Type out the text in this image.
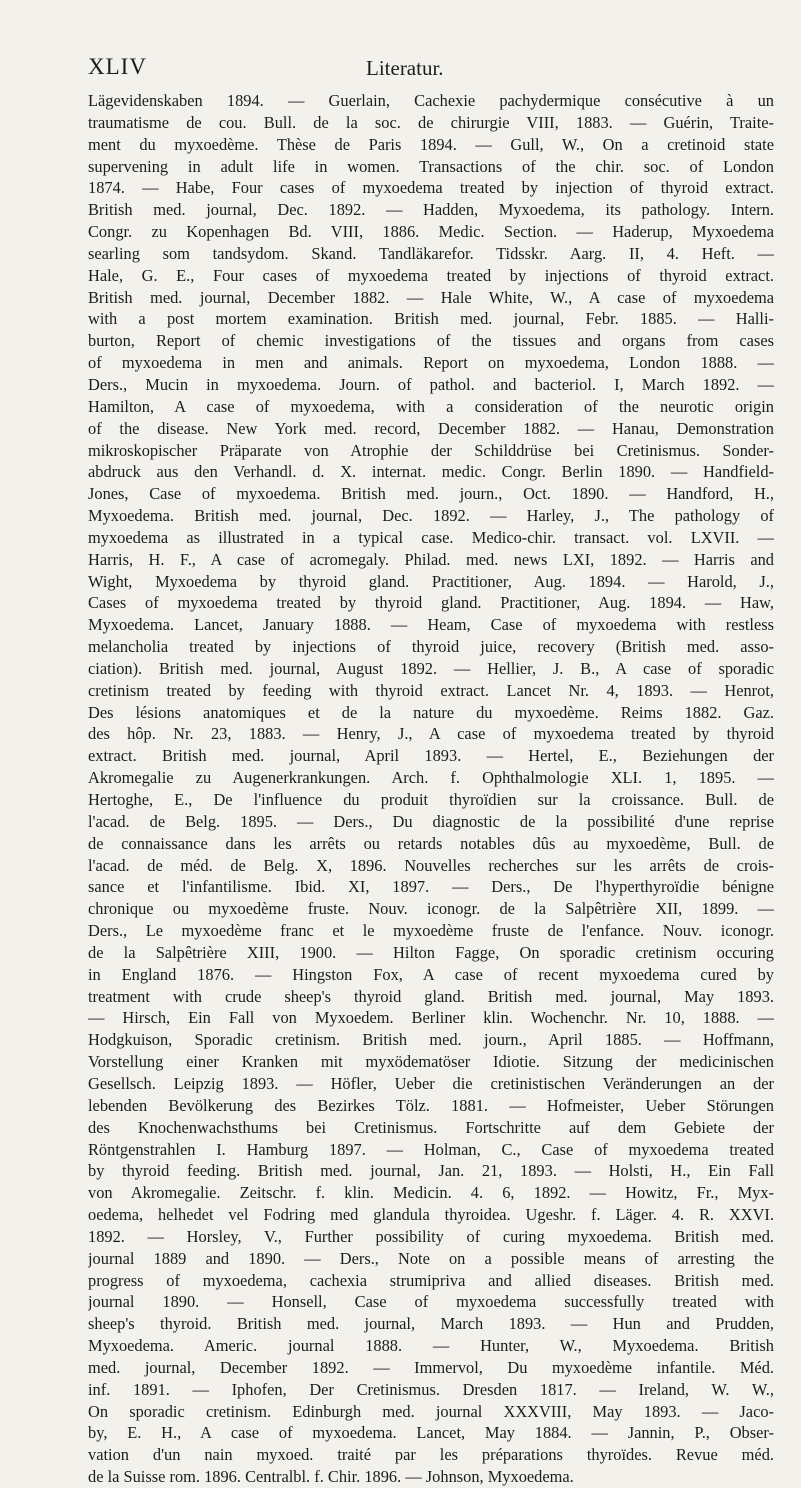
XLIV	Literatur.
Lägevidenskaben 1894. — Guerlain, Cachexie pachydermique consécutive à un
traumatisme de cou. Bull. de la soc. de chirurgie VIII, 1883. — Guérin, Traite-
ment du myxoedème. Thèse de Paris 1894. — Gull, W., On a cretinoid state
supervening in adult life in women. Transactions of the chir. soc. of London
1874. — Habe, Four cases of myxoedema treated by injection of thyroid extract.
British med. journal, Dec. 1892. — Hadden, Myxoedema, its pathology. Intern.
Congr. zu Kopenhagen Bd. VIII, 1886. Medic. Section. — Haderup, Myxoedema
searling som tandsydom. Skand. Tandläkarefor. Tidsskr. Aarg. II, 4. Heft. —
Hale, G. E., Four cases of myxoedema treated by injections of thyroid extract.
British med. journal, December 1882. — Hale White, W., A case of myxoedema
with a post mortem examination. British med. journal, Febr. 1885. — Halli-
burton, Report of chemic investigations of the tissues and organs from cases
of myxoedema in men and animals. Report on myxoedema, London 1888. —
Ders., Mucin in myxoedema. Journ. of pathol. and bacteriol. I, March 1892. —
Hamilton, A case of myxoedema, with a consideration of the neurotic origin
of the disease. New York med. record, December 1882. — Hanau, Demonstration
mikroskopischer Präparate von Atrophie der Schilddrüse bei Cretinismus. Sonder-
abdruck aus den Verhandl. d. X. internat. medic. Congr. Berlin 1890. — Handfield-
Jones, Case of myxoedema. British med. journ., Oct. 1890. — Handford, H.,
Myxoedema. British med. journal, Dec. 1892. — Harley, J., The pathology of
myxoedema as illustrated in a typical case. Medico-chir. transact. vol. LXVII. —
Harris, H. F., A case of acromegaly. Philad. med. news LXI, 1892. — Harris and
Wight, Myxoedema by thyroid gland. Practitioner, Aug. 1894. — Harold, J.,
Cases of myxoedema treated by thyroid gland. Practitioner, Aug. 1894. — Haw,
Myxoedema. Lancet, January 1888. — Heam, Case of myxoedema with restless
melancholia treated by injections of thyroid juice, recovery (British med. asso-
ciation). British med. journal, August 1892. — Hellier, J. B., A case of sporadic
cretinism treated by feeding with thyroid extract. Lancet Nr. 4, 1893. — Henrot,
Des lésions anatomiques et de la nature du myxoedème. Reims 1882. Gaz.
des hôp. Nr. 23, 1883. — Henry, J., A case of myxoedema treated by thyroid
extract. British med. journal, April 1893. — Hertel, E., Beziehungen der
Akromegalie zu Augenerkrankungen. Arch. f. Ophthalmologie XLI. 1, 1895. —
Hertoghe, E., De l'influence du produit thyroïdien sur la croissance. Bull. de
l'acad. de Belg. 1895. — Ders., Du diagnostic de la possibilité d'une reprise
de connaissance dans les arrêts ou retards notables dûs au myxoedème, Bull. de
l'acad. de méd. de Belg. X, 1896. Nouvelles recherches sur les arrêts de crois-
sance et l'infantilisme. Ibid. XI, 1897. — Ders., De l'hyperthyroïdie bénigne
chronique ou myxoedème fruste. Nouv. iconogr. de la Salpêtrière XII, 1899. —
Ders., Le myxoedème franc et le myxoedème fruste de l'enfance. Nouv. iconogr.
de la Salpêtrière XIII, 1900. — Hilton Fagge, On sporadic cretinism occuring
in England 1876. — Hingston Fox, A case of recent myxoedema cured by
treatment with crude sheep's thyroid gland. British med. journal, May 1893.
— Hirsch, Ein Fall von Myxoedem. Berliner klin. Wochenchr. Nr. 10, 1888. —
Hodgkuison, Sporadic cretinism. British med. journ., April 1885. — Hoffmann,
Vorstellung einer Kranken mit myxödematöser Idiotie. Sitzung der medicinischen
Gesellsch. Leipzig 1893. — Höfler, Ueber die cretinistischen Veränderungen an der
lebenden Bevölkerung des Bezirkes Tölz. 1881. — Hofmeister, Ueber Störungen
des Knochenwachsthums bei Cretinismus. Fortschritte auf dem Gebiete der
Röntgenstrahlen I. Hamburg 1897. — Holman, C., Case of myxoedema treated
by thyroid feeding. British med. journal, Jan. 21, 1893. — Holsti, H., Ein Fall
von Akromegalie. Zeitschr. f. klin. Medicin. 4. 6, 1892. — Howitz, Fr., Myx-
oedema, helhedet vel Fodring med glandula thyroidea. Ugeshr. f. Läger. 4. R. XXVI.
1892. — Horsley, V., Further possibility of curing myxoedema. British med.
journal 1889 and 1890. — Ders., Note on a possible means of arresting the
progress of myxoedema, cachexia strumipriva and allied diseases. British med.
journal 1890. — Honsell, Case of myxoedema successfully treated with
sheep's thyroid. British med. journal, March 1893. — Hun and Prudden,
Myxoedema. Americ. journal 1888. — Hunter, W., Myxoedema. British
med. journal, December 1892. — Immervol, Du myxoedème infantile. Méd.
inf. 1891. — Iphofen, Der Cretinismus. Dresden 1817. — Ireland, W. W.,
On sporadic cretinism. Edinburgh med. journal XXXVIII, May 1893. — Jaco-
by, E. H., A case of myxoedema. Lancet, May 1884. — Jannin, P., Obser-
vation d'un nain myxoed. traité par les préparations thyroïdes. Revue méd.
de la Suisse rom. 1896. Centralbl. f. Chir. 1896. — Johnson, Myxoedema.
